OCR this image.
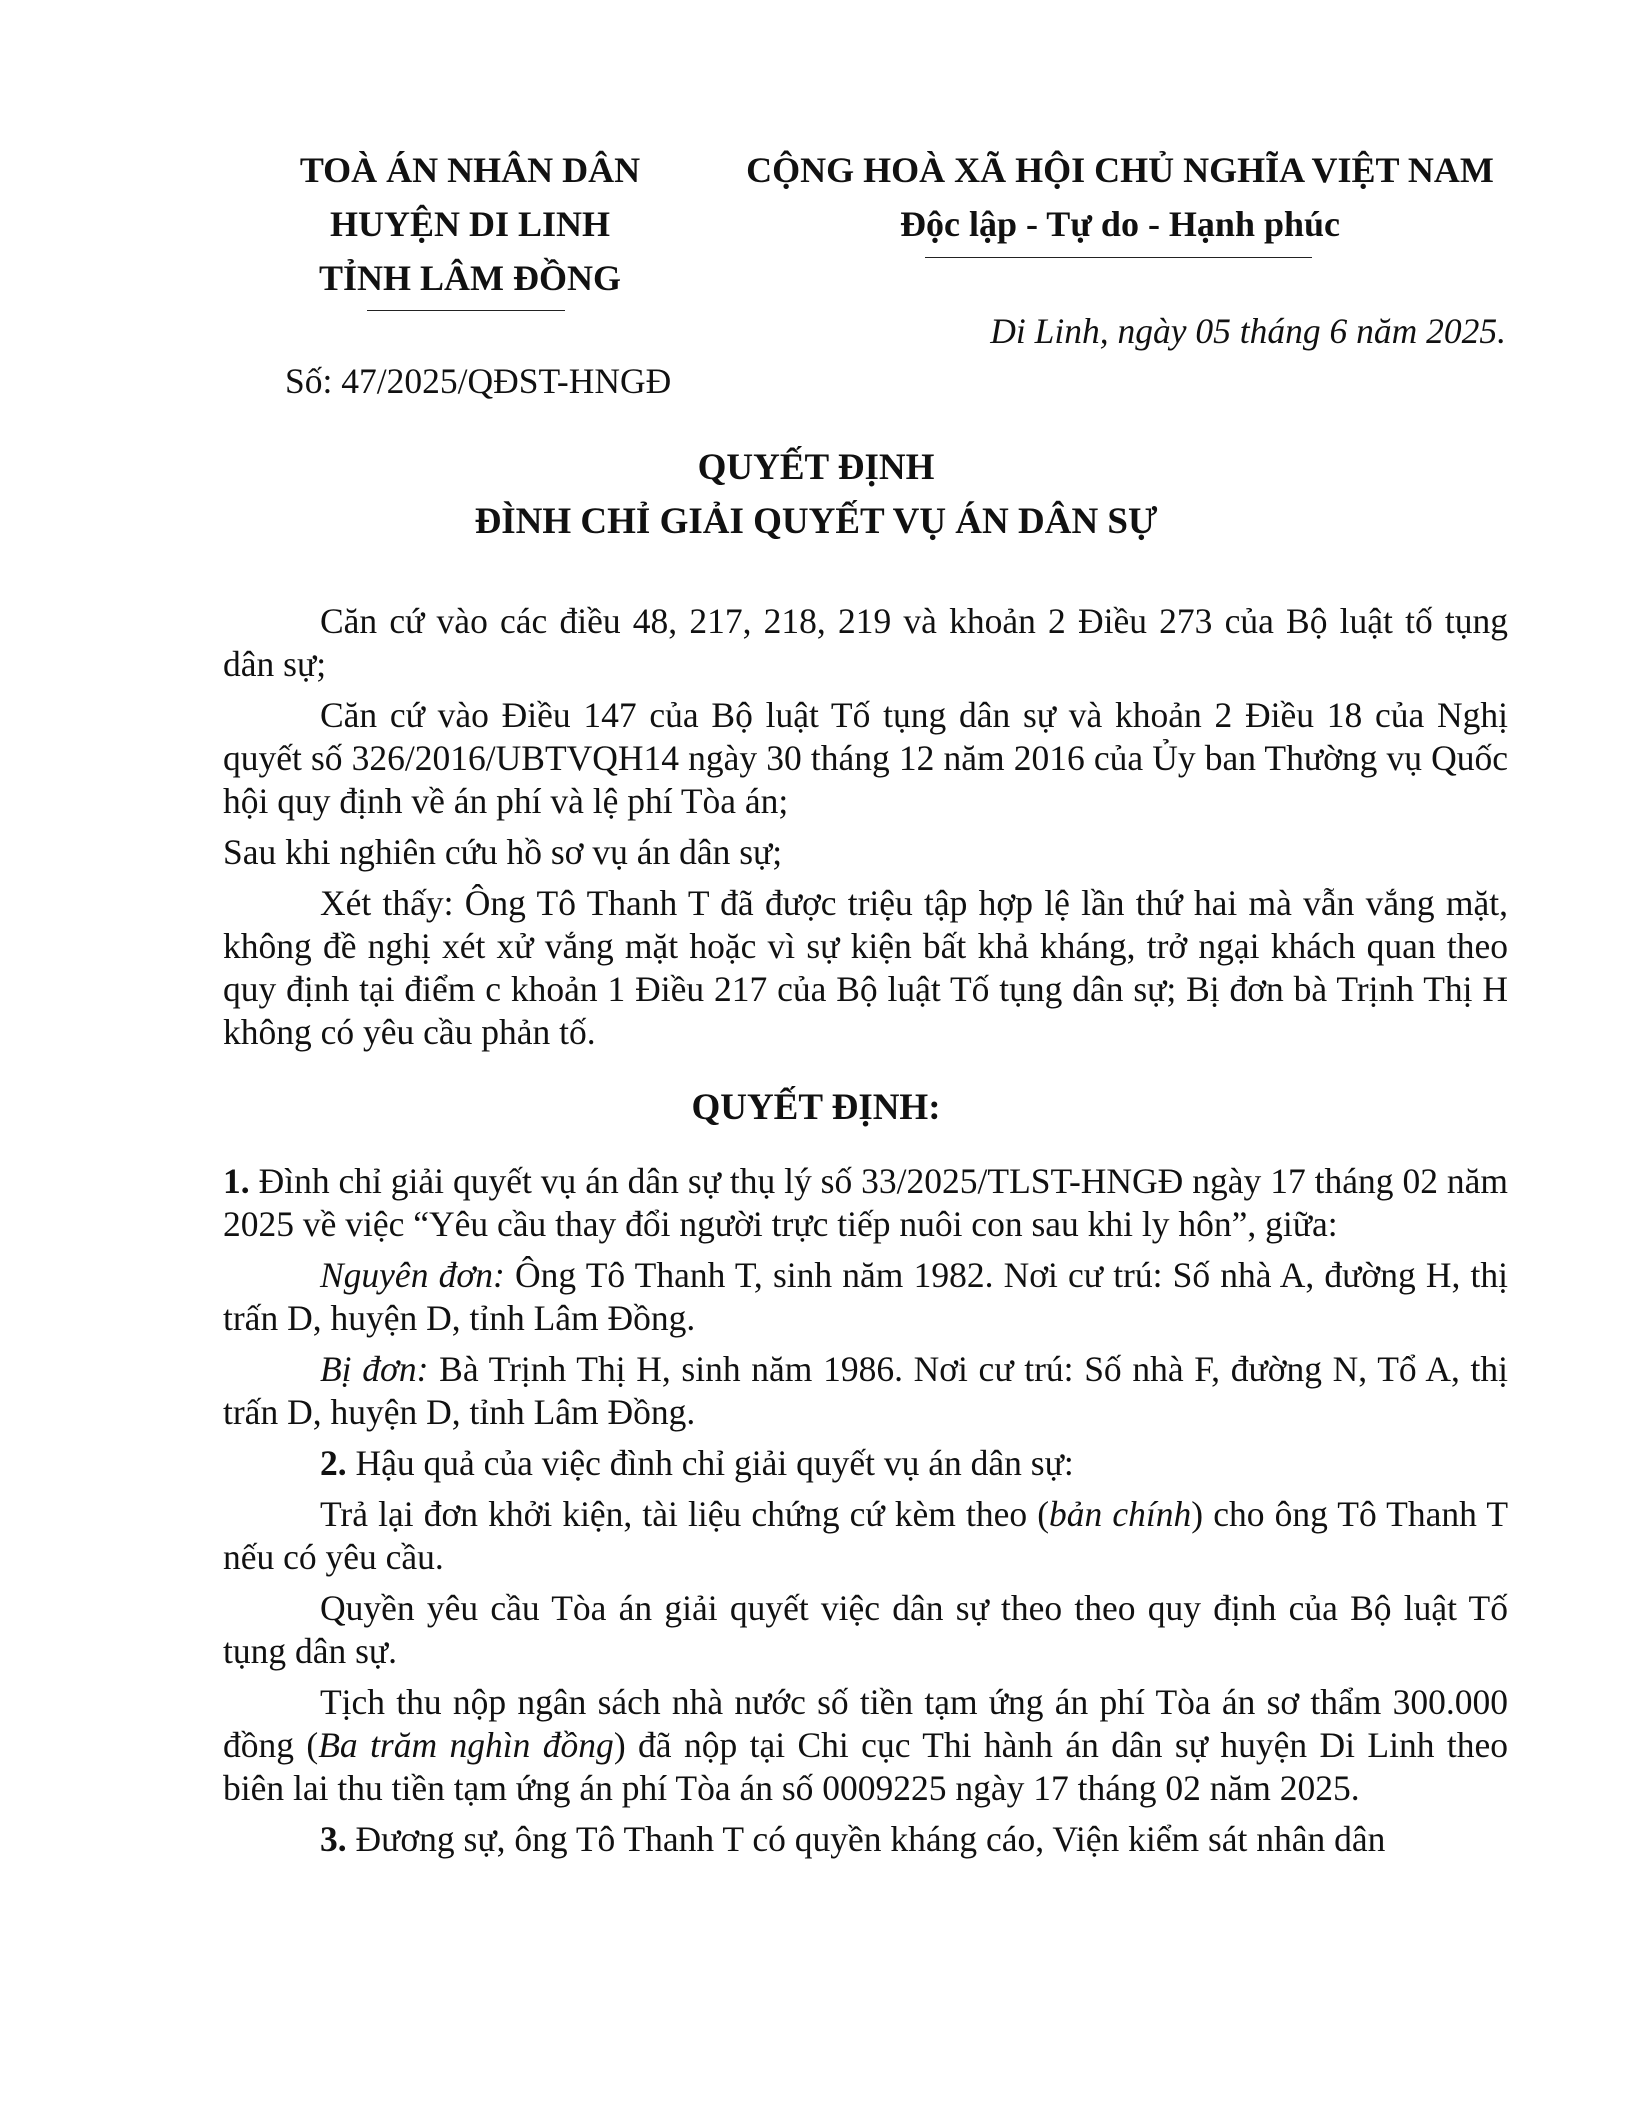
TOÀ ÁN NHÂN DÂN
HUYỆN DI LINH
TỈNH LÂM ĐỒNG
CỘNG HOÀ XÃ HỘI CHỦ NGHĨA VIỆT NAM
Độc lập - Tự do - Hạnh phúc
Di Linh, ngày 05 tháng 6 năm 2025.
Số: 47/2025/QĐST-HNGĐ
QUYẾT ĐỊNH
ĐÌNH CHỈ GIẢI QUYẾT VỤ ÁN DÂN SỰ

Căn cứ vào các điều 48, 217, 218, 219 và khoản 2 Điều 273 của Bộ luật tố tụng dân sự;

Căn cứ vào Điều 147 của Bộ luật Tố tụng dân sự và khoản 2 Điều 18 của Nghị quyết số 326/2016/UBTVQH14 ngày 30 tháng 12 năm 2016 của Ủy ban Thường vụ Quốc hội quy định về án phí và lệ phí Tòa án;

Sau khi nghiên cứu hồ sơ vụ án dân sự;

Xét thấy: Ông Tô Thanh T đã được triệu tập hợp lệ lần thứ hai mà vẫn vắng mặt, không đề nghị xét xử vắng mặt hoặc vì sự kiện bất khả kháng, trở ngại khách quan theo quy định tại điểm c khoản 1 Điều 217 của Bộ luật Tố tụng dân sự; Bị đơn bà Trịnh Thị H không có yêu cầu phản tố.

QUYẾT ĐỊNH:

1. Đình chỉ giải quyết vụ án dân sự thụ lý số 33/2025/TLST-HNGĐ ngày 17 tháng 02 năm 2025 về việc “Yêu cầu thay đổi người trực tiếp nuôi con sau khi ly hôn”, giữa:

Nguyên đơn: Ông Tô Thanh T, sinh năm 1982. Nơi cư trú: Số nhà A, đường H, thị trấn D, huyện D, tỉnh Lâm Đồng.

Bị đơn: Bà Trịnh Thị H, sinh năm 1986. Nơi cư trú: Số nhà F, đường N, Tổ A, thị trấn D, huyện D, tỉnh Lâm Đồng.

2. Hậu quả của việc đình chỉ giải quyết vụ án dân sự:

Trả lại đơn khởi kiện, tài liệu chứng cứ kèm theo (bản chính) cho ông Tô Thanh T nếu có yêu cầu.

Quyền yêu cầu Tòa án giải quyết việc dân sự theo theo quy định của Bộ luật Tố tụng dân sự.

Tịch thu nộp ngân sách nhà nước số tiền tạm ứng án phí Tòa án sơ thẩm 300.000 đồng (Ba trăm nghìn đồng) đã nộp tại Chi cục Thi hành án dân sự huyện Di Linh theo biên lai thu tiền tạm ứng án phí Tòa án số 0009225 ngày 17 tháng 02 năm 2025.

3. Đương sự, ông Tô Thanh T có quyền kháng cáo, Viện kiểm sát nhân dân
